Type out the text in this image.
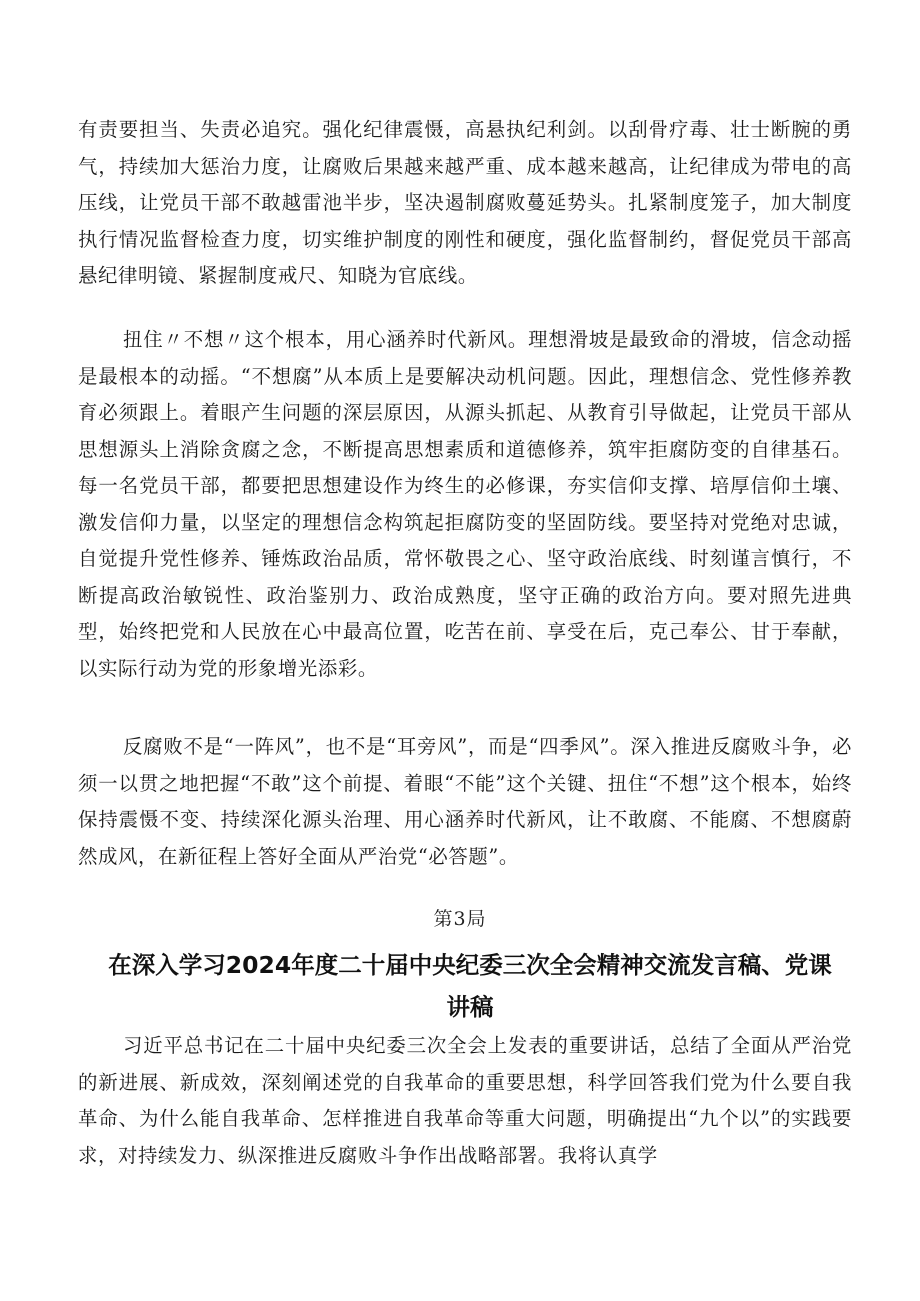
有责要担当、失责必追究。强化纪律震慑，高悬执纪利剑。以刮骨疗毒、壮士断腕的勇气，持续加大惩治力度，让腐败后果越来越严重、成本越来越高，让纪律成为带电的高压线，让党员干部不敢越雷池半步，坚决遏制腐败蔓延势头。扎紧制度笼子，加大制度执行情况监督检查力度，切实维护制度的刚性和硬度，强化监督制约，督促党员干部高悬纪律明镜、紧握制度戒尺、知晓为官底线。

扭住〃不想〃这个根本，用心涵养时代新风。理想滑坡是最致命的滑坡，信念动摇是最根本的动摇。“不想腐”从本质上是要解决动机问题。因此，理想信念、党性修养教育必须跟上。着眼产生问题的深层原因，从源头抓起、从教育引导做起，让党员干部从思想源头上消除贪腐之念，不断提高思想素质和道德修养，筑牢拒腐防变的自律基石。每一名党员干部，都要把思想建设作为终生的必修课，夯实信仰支撑、培厚信仰土壤、激发信仰力量，以坚定的理想信念构筑起拒腐防变的坚固防线。要坚持对党绝对忠诚，自觉提升党性修养、锤炼政治品质，常怀敬畏之心、坚守政治底线、时刻谨言慎行，不断提高政治敏锐性、政治鉴别力、政治成熟度，坚守正确的政治方向。要对照先进典型，始终把党和人民放在心中最高位置，吃苦在前、享受在后，克己奉公、甘于奉献，以实际行动为党的形象增光添彩。

反腐败不是“一阵风”，也不是“耳旁风”，而是“四季风”。深入推进反腐败斗争，必须一以贯之地把握“不敢”这个前提、着眼“不能”这个关键、扭住“不想”这个根本，始终保持震慑不变、持续深化源头治理、用心涵养时代新风，让不敢腐、不能腐、不想腐蔚然成风，在新征程上答好全面从严治党“必答题”。

第3局
在深入学习2024年度二十届中央纪委三次全会精神交流发言稿、党课讲稿

习近平总书记在二十届中央纪委三次全会上发表的重要讲话，总结了全面从严治党的新进展、新成效，深刻阐述党的自我革命的重要思想，科学回答我们党为什么要自我革命、为什么能自我革命、怎样推进自我革命等重大问题，明确提出“九个以”的实践要求，对持续发力、纵深推进反腐败斗争作出战略部署。我将认真学
